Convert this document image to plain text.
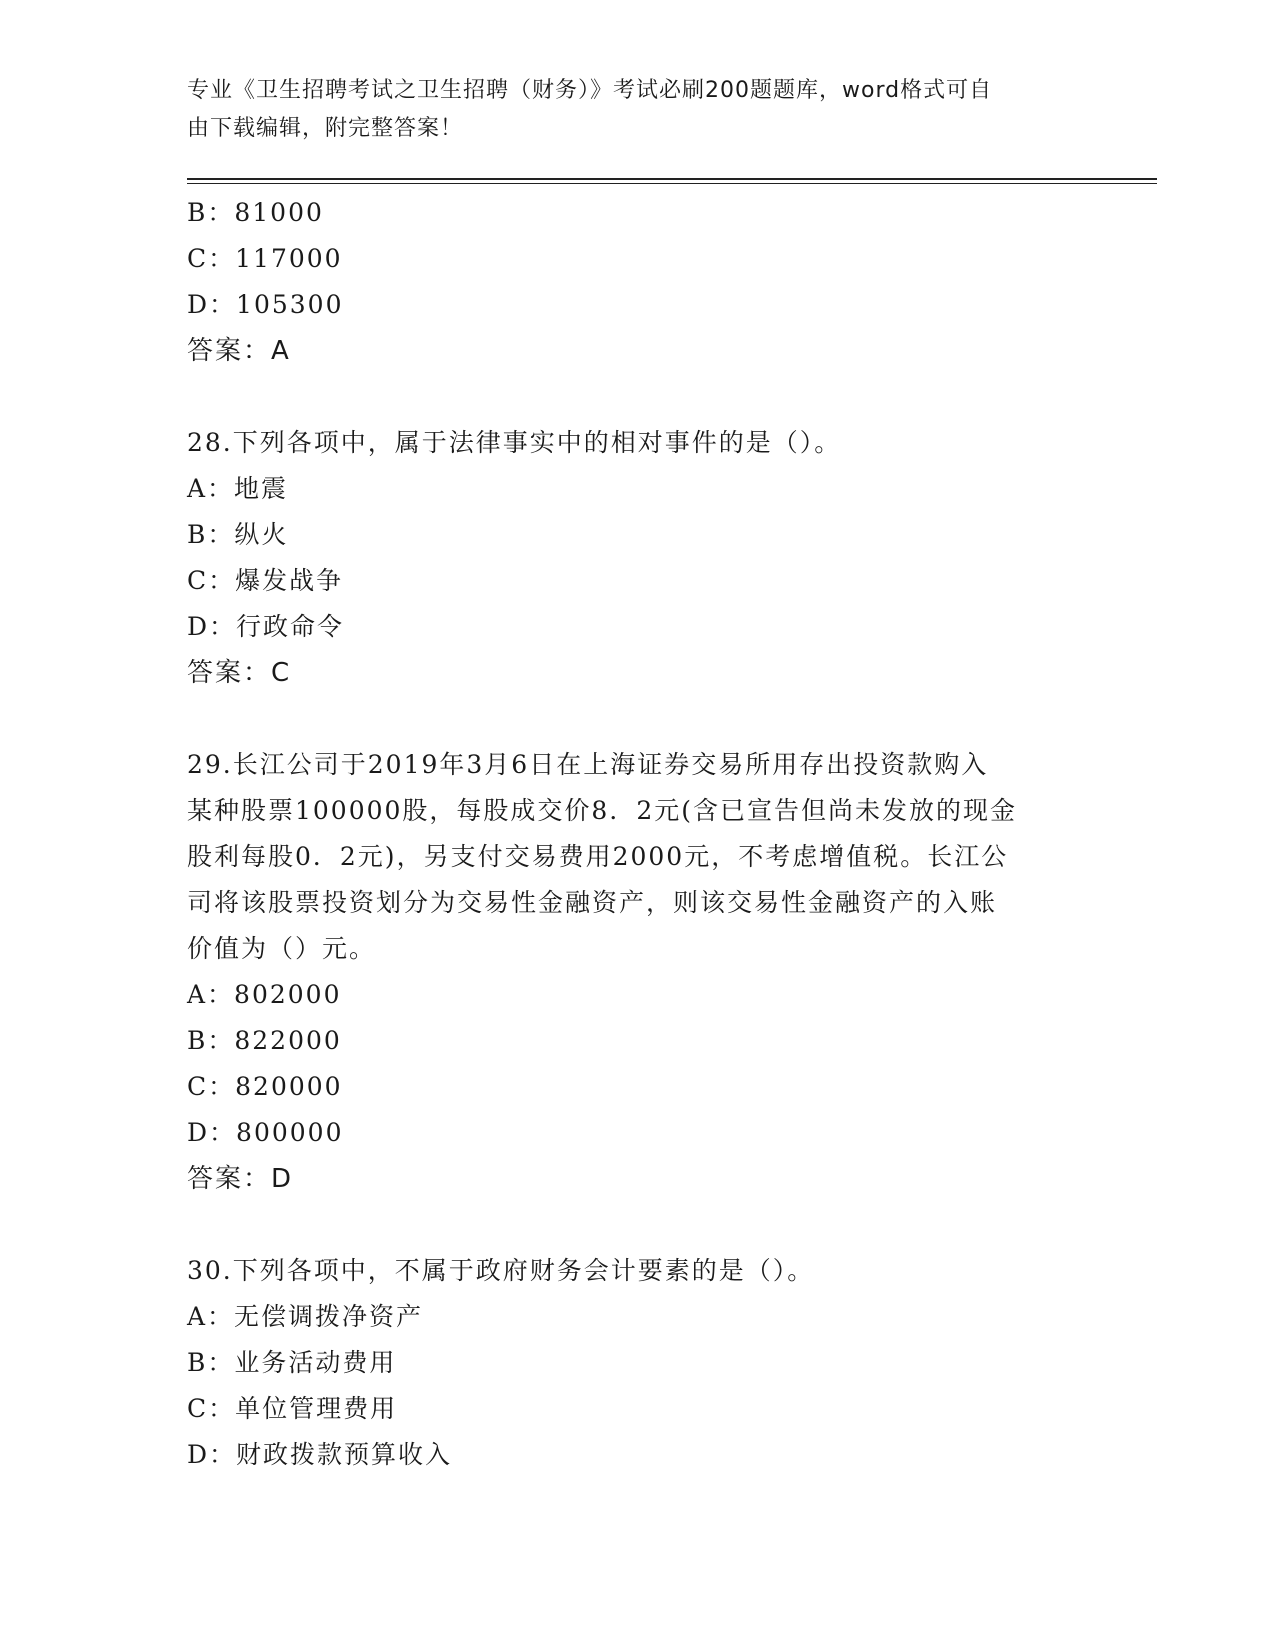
专业《卫生招聘考试之卫生招聘（财务）》考试必刷200题题库，word格式可自
由下载编辑，附完整答案！
B：81000
C：117000
D：105300
答案：A
28.下列各项中，属于法律事实中的相对事件的是（）。
A：地震
B：纵火
C：爆发战争
D：行政命令
答案：C
29.长江公司于2019年3月6日在上海证券交易所用存出投资款购入
某种股票100000股，每股成交价8．2元(含已宣告但尚未发放的现金
股利每股0．2元)，另支付交易费用2000元，不考虑增值税。长江公
司将该股票投资划分为交易性金融资产，则该交易性金融资产的入账
价值为（）元。
A：802000
B：822000
C：820000
D：800000
答案：D
30.下列各项中，不属于政府财务会计要素的是（）。
A：无偿调拨净资产
B：业务活动费用
C：单位管理费用
D：财政拨款预算收入
